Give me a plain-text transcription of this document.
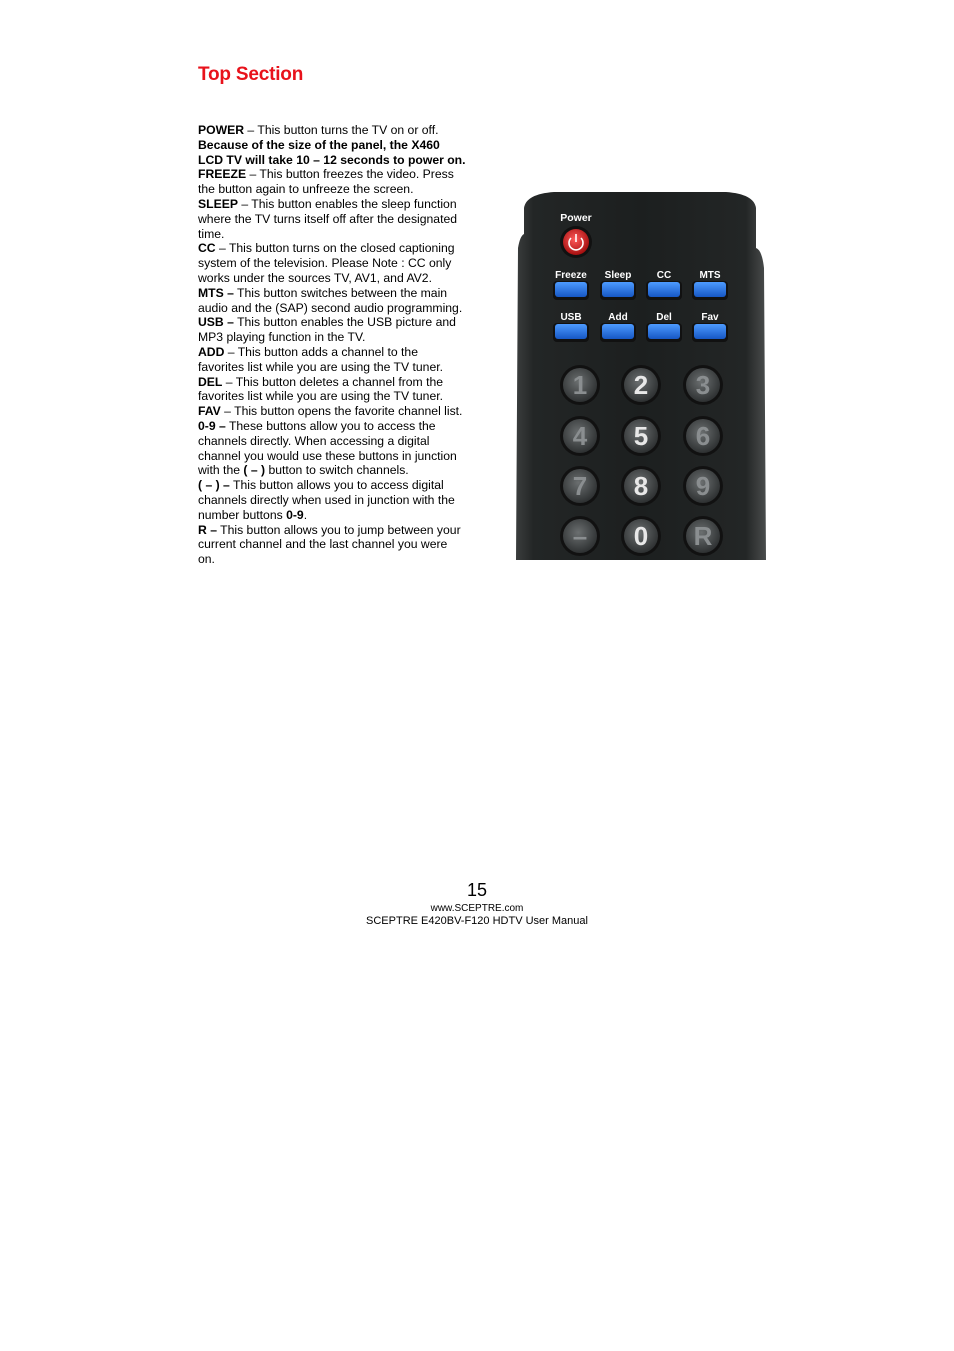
Top Section

POWER – This button turns the TV on or off.

Because of the size of the panel, the X460 LCD TV will take 10 – 12 seconds to power on.

FREEZE – This button freezes the video. Press the button again to unfreeze the screen.

SLEEP – This button enables the sleep function where the TV turns itself off after the designated time.

CC – This button turns on the closed captioning system of the television. Please Note : CC only works under the sources TV, AV1, and AV2.

MTS – This button switches between the main audio and the (SAP) second audio programming.

USB – This button enables the USB picture and MP3 playing function in the TV.

ADD – This button adds a channel to the favorites list while you are using the TV tuner.

DEL – This button deletes a channel from the favorites list while you are using the TV tuner.

FAV – This button opens the favorite channel list.

0-9 – These buttons allow you to access the channels directly. When accessing a digital channel you would use these buttons in junction with the ( – ) button to switch channels.

( – ) – This button allows you to access digital channels directly when used in junction with the number buttons 0-9.

R – This button allows you to jump between your current channel and the last channel you were on.

Power
Freeze Sleep	CC	MTS
USB	Add	Del	Fav
1 2 3
4 5 6
7 8 9
– 0 R
15
www.SCEPTRE.com
SCEPTRE E420BV-F120 HDTV User Manual
